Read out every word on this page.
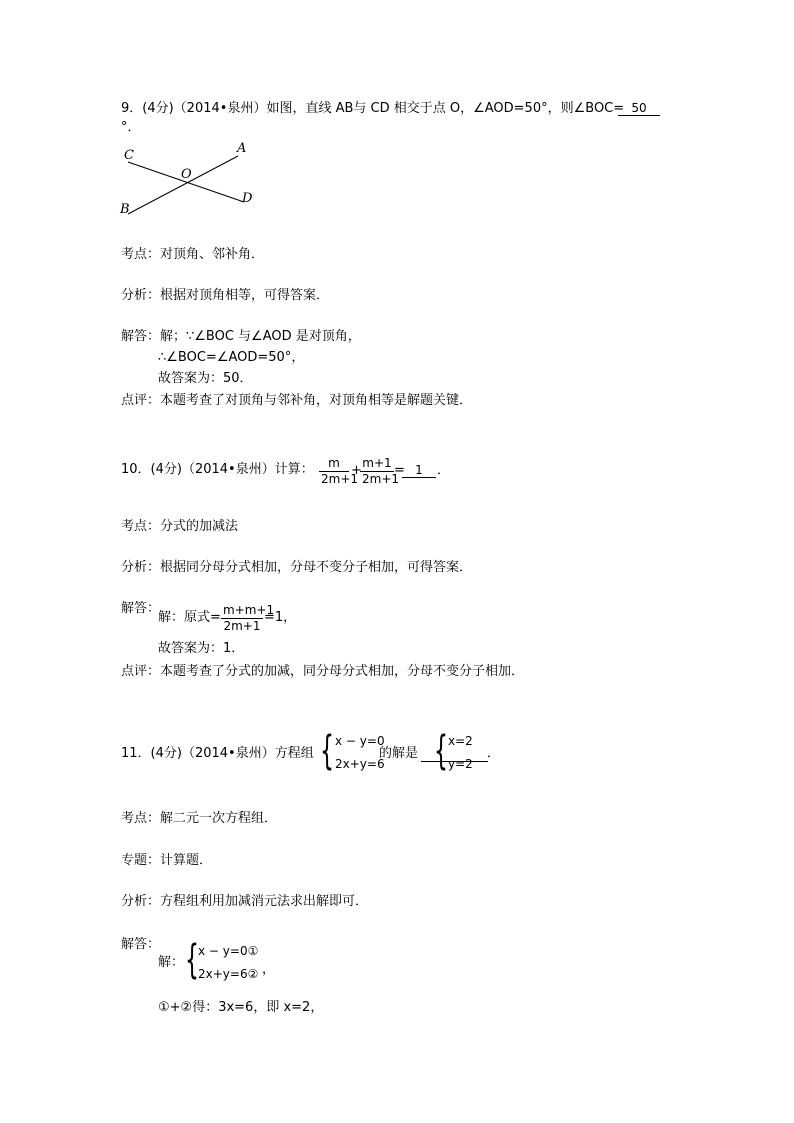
9．(4分)（2014•泉州）如图，直线 AB与 CD 相交于点 O，∠AOD=50°，则∠BOC= 50
°．
C	A
O
B
D
考点：对顶角、邻补角．
分析：根据对顶角相等，可得答案．
解答：解；∵∠BOC 与∠AOD 是对顶角，
∴∠BOC=∠AOD=50°，
故答案为：50．
点评：本题考查了对顶角与邻补角，对顶角相等是解题关键．
10．(4分)（2014•泉州）计算： $\frac{m}{2m+1}$ +
$\frac{m+1}{2m+1} = 1$	．
考点：分式的加减法
分析：根据同分母分式相加，分母不变分子相加，可得答案．
解答：
解：原式= $\frac{m+m+1}{2m+1} =1$，
故答案为：1．
点评：本题考查了分式的加减，同分母分式相加，分母不变分子相加．
11．(4分)（2014•泉州）方程组 { x − y=0
2x+y=6
的解是 { x=2
y=2
．
考点：解二元一次方程组．
专题：计算题．
分析：方程组利用加减消元法求出解即可．
解答：
解： { x − y=0①
2x+y=6② ，
①+②得：3x=6，即 x=2，
